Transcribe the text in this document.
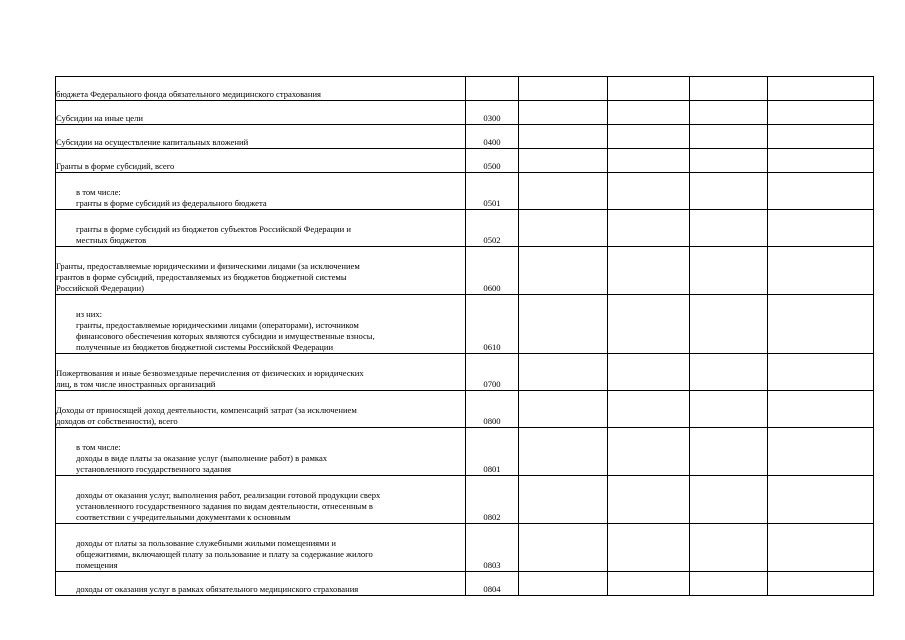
бюджета Федерального фонда обязательного медицинского страхования					

Субсидии на иные цели	0300				

Субсидии на осуществление капитальных вложений	0400				

Гранты в форме субсидий, всего	0500				

в том числе:
гранты в форме субсидий из федерального бюджета	0501				

гранты в форме субсидий из бюджетов субъектов Российской Федерации и
местных бюджетов	0502				

Гранты, предоставляемые юридическими и физическими лицами (за исключением
грантов в форме субсидий, предоставляемых из бюджетов бюджетной системы
Российской Федерации)	0600				

из них:
гранты, предоставляемые юридическими лицами (операторами), источником
финансового обеспечения которых являются субсидии и имущественные взносы,
полученные из бюджетов бюджетной системы Российской Федерации	0610				

Пожертвования и иные безвозмездные перечисления от физических и юридических
лиц, в том числе иностранных организаций	0700				

Доходы от приносящей доход деятельности, компенсаций затрат (за исключением
доходов от собственности), всего	0800				

в том числе:
доходы в виде платы за оказание услуг (выполнение работ) в рамках
установленного государственного задания	0801				

доходы от оказания услуг, выполнения работ, реализации готовой продукции сверх
установленного государственного задания по видам деятельности, отнесенным в
соответствии с учредительными документами к основным	0802				

доходы от платы за пользование служебными жилыми помещениями и
общежитиями, включающей плату за пользование и плату за содержание жилого
помещения	0803				

доходы от оказания услуг в рамках обязательного медицинского страхования	0804				
